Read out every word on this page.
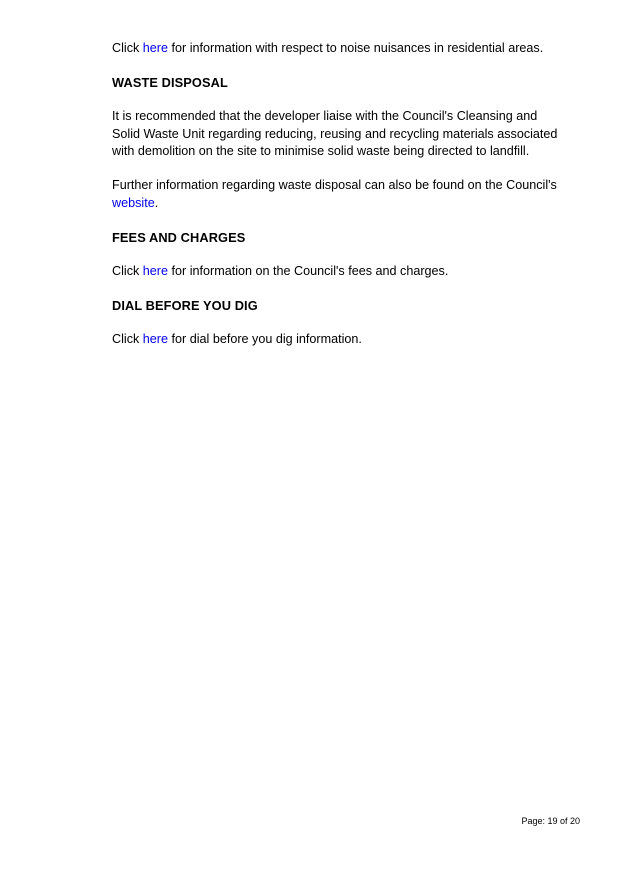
Click here for information with respect to noise nuisances in residential areas.

WASTE DISPOSAL

It is recommended that the developer liaise with the Council's Cleansing and Solid Waste Unit regarding reducing, reusing and recycling materials associated with demolition on the site to minimise solid waste being directed to landfill.

Further information regarding waste disposal can also be found on the Council's website.

FEES AND CHARGES

Click here for information on the Council's fees and charges.

DIAL BEFORE YOU DIG

Click here for dial before you dig information.

Page: 19 of 20
